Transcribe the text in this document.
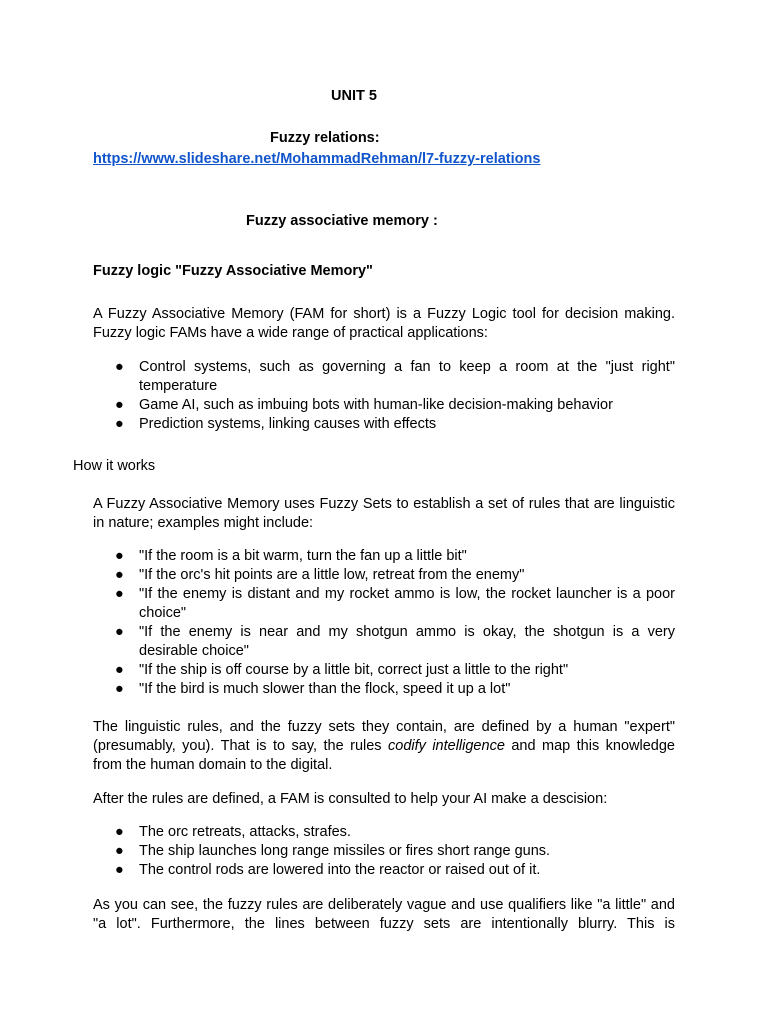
UNIT 5

Fuzzy relations:

https://www.slideshare.net/MohammadRehman/l7-fuzzy-relations

Fuzzy associative memory :

Fuzzy logic "Fuzzy Associative Memory"

A Fuzzy Associative Memory (FAM for short) is a Fuzzy Logic tool for decision making. Fuzzy logic FAMs have a wide range of practical applications:

● Control systems, such as governing a fan to keep a room at the "just right" temperature
● Game AI, such as imbuing bots with human-like decision-making behavior
● Prediction systems, linking causes with effects

How it works

A Fuzzy Associative Memory uses Fuzzy Sets to establish a set of rules that are linguistic in nature; examples might include:

● "If the room is a bit warm, turn the fan up a little bit"
● "If the orc's hit points are a little low, retreat from the enemy"
● "If the enemy is distant and my rocket ammo is low, the rocket launcher is a poor choice"
● "If the enemy is near and my shotgun ammo is okay, the shotgun is a very desirable choice"
● "If the ship is off course by a little bit, correct just a little to the right"
● "If the bird is much slower than the flock, speed it up a lot"

The linguistic rules, and the fuzzy sets they contain, are defined by a human "expert" (presumably, you). That is to say, the rules codify intelligence and map this knowledge from the human domain to the digital.

After the rules are defined, a FAM is consulted to help your AI make a descision:

● The orc retreats, attacks, strafes.
● The ship launches long range missiles or fires short range guns.
● The control rods are lowered into the reactor or raised out of it.

As you can see, the fuzzy rules are deliberately vague and use qualifiers like "a little" and "a lot". Furthermore, the lines between fuzzy sets are intentionally blurry. This is
